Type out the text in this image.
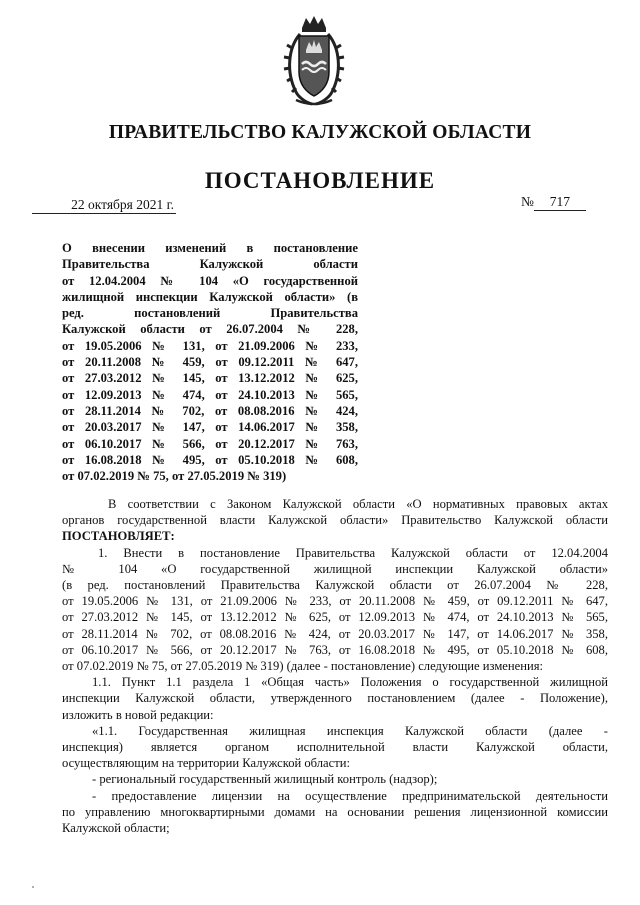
ПРАВИТЕЛЬСТВО КАЛУЖСКОЙ ОБЛАСТИ
ПОСТАНОВЛЕНИЕ
22 октября 2021 г.	№ 717
О внесении изменений в постановление
Правительства Калужской области
от 12.04.2004 № 104 «О государственной
жилищной инспекции Калужской области» (в
ред. постановлений Правительства
Калужской области от 26.07.2004 № 228,
от 19.05.2006 № 131, от 21.09.2006 № 233,
от 20.11.2008 № 459, от 09.12.2011 № 647,
от 27.03.2012 № 145, от 13.12.2012 № 625,
от 12.09.2013 № 474, от 24.10.2013 № 565,
от 28.11.2014 № 702, от 08.08.2016 № 424,
от 20.03.2017 № 147, от 14.06.2017 № 358,
от 06.10.2017 № 566, от 20.12.2017 № 763,
от 16.08.2018 № 495, от 05.10.2018 № 608,
от 07.02.2019 № 75, от 27.05.2019 № 319)
В соответствии с Законом Калужской области «О нормативных правовых актах
органов государственной власти Калужской области» Правительство Калужской области
ПОСТАНОВЛЯЕТ:
1. Внести в постановление Правительства Калужской области от 12.04.2004
№ 104 «О государственной жилищной инспекции Калужской области»
(в ред. постановлений Правительства Калужской области от 26.07.2004 № 228,
от 19.05.2006 № 131, от 21.09.2006 № 233, от 20.11.2008 № 459, от 09.12.2011 № 647,
от 27.03.2012 № 145, от 13.12.2012 № 625, от 12.09.2013 № 474, от 24.10.2013 № 565,
от 28.11.2014 № 702, от 08.08.2016 № 424, от 20.03.2017 № 147, от 14.06.2017 № 358,
от 06.10.2017 № 566, от 20.12.2017 № 763, от 16.08.2018 № 495, от 05.10.2018 № 608,
от 07.02.2019 № 75, от 27.05.2019 № 319) (далее - постановление) следующие изменения:
1.1. Пункт 1.1 раздела 1 «Общая часть» Положения о государственной жилищной
инспекции Калужской области, утвержденного постановлением (далее - Положение),
изложить в новой редакции:
«1.1. Государственная жилищная инспекция Калужской области (далее -
инспекция) является органом исполнительной власти Калужской области,
осуществляющим на территории Калужской области:
- региональный государственный жилищный контроль (надзор);
- предоставление лицензии на осуществление предпринимательской деятельности
по управлению многоквартирными домами на основании решения лицензионной комиссии
Калужской области;
